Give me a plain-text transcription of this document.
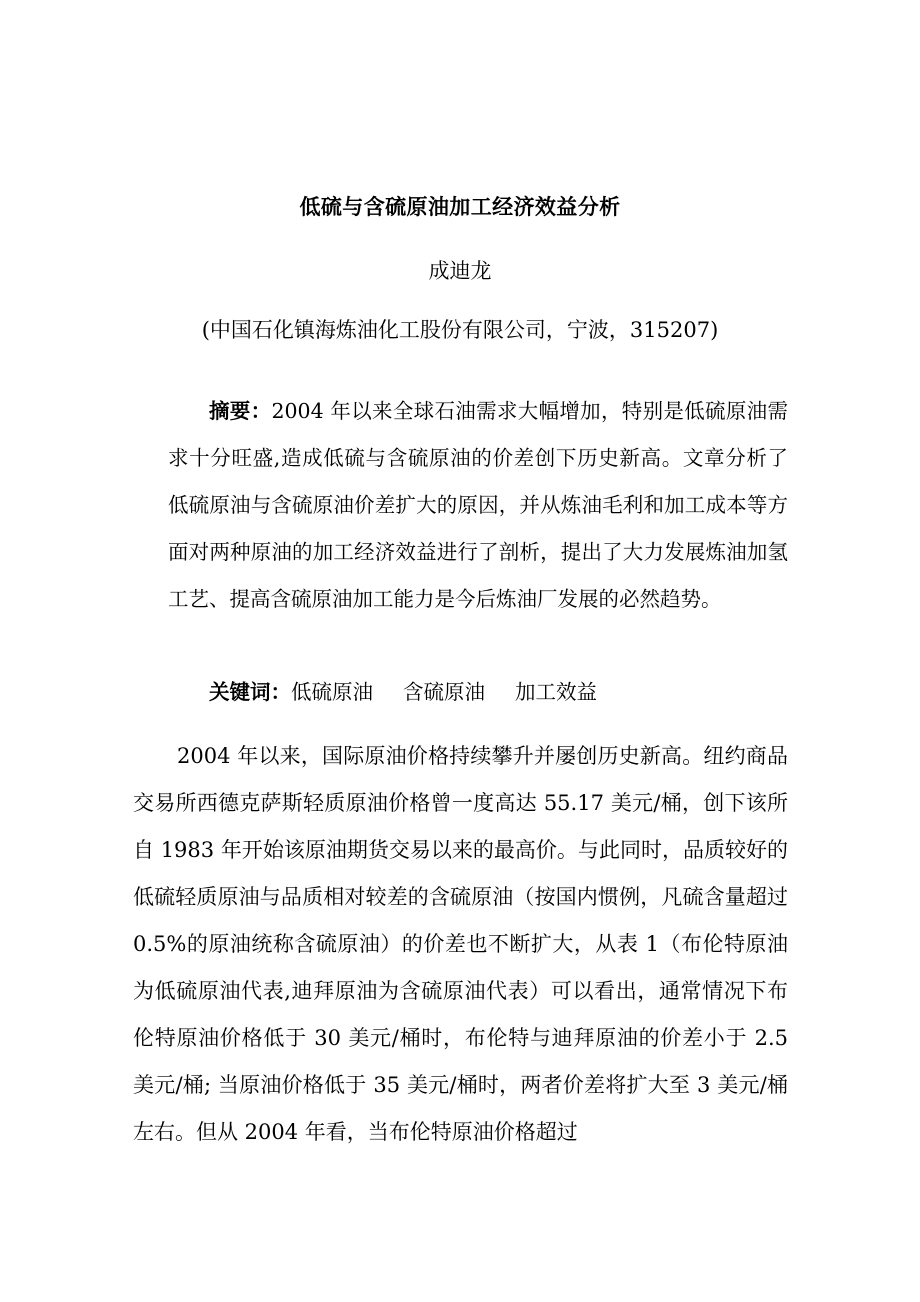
低硫与含硫原油加工经济效益分析
成迪龙
(中国石化镇海炼油化工股份有限公司，宁波，315207)

摘要：2004 年以来全球石油需求大幅增加，特别是低硫原油需求十分旺盛,造成低硫与含硫原油的价差创下历史新高。文章分析了低硫原油与含硫原油价差扩大的原因，并从炼油毛利和加工成本等方面对两种原油的加工经济效益进行了剖析，提出了大力发展炼油加氢工艺、提高含硫原油加工能力是今后炼油厂发展的必然趋势。

关键词：低硫原油 含硫原油 加工效益

2004 年以来，国际原油价格持续攀升并屡创历史新高。纽约商品交易所西德克萨斯轻质原油价格曾一度高达 55.17 美元/桶，创下该所自 1983 年开始该原油期货交易以来的最高价。与此同时，品质较好的低硫轻质原油与品质相对较差的含硫原油（按国内惯例，凡硫含量超过 0.5%的原油统称含硫原油）的价差也不断扩大，从表 1（布伦特原油为低硫原油代表,迪拜原油为含硫原油代表）可以看出，通常情况下布伦特原油价格低于 30 美元/桶时，布伦特与迪拜原油的价差小于 2.5 美元/桶; 当原油价格低于 35 美元/桶时，两者价差将扩大至 3 美元/桶左右。但从 2004 年看，当布伦特原油价格超过
